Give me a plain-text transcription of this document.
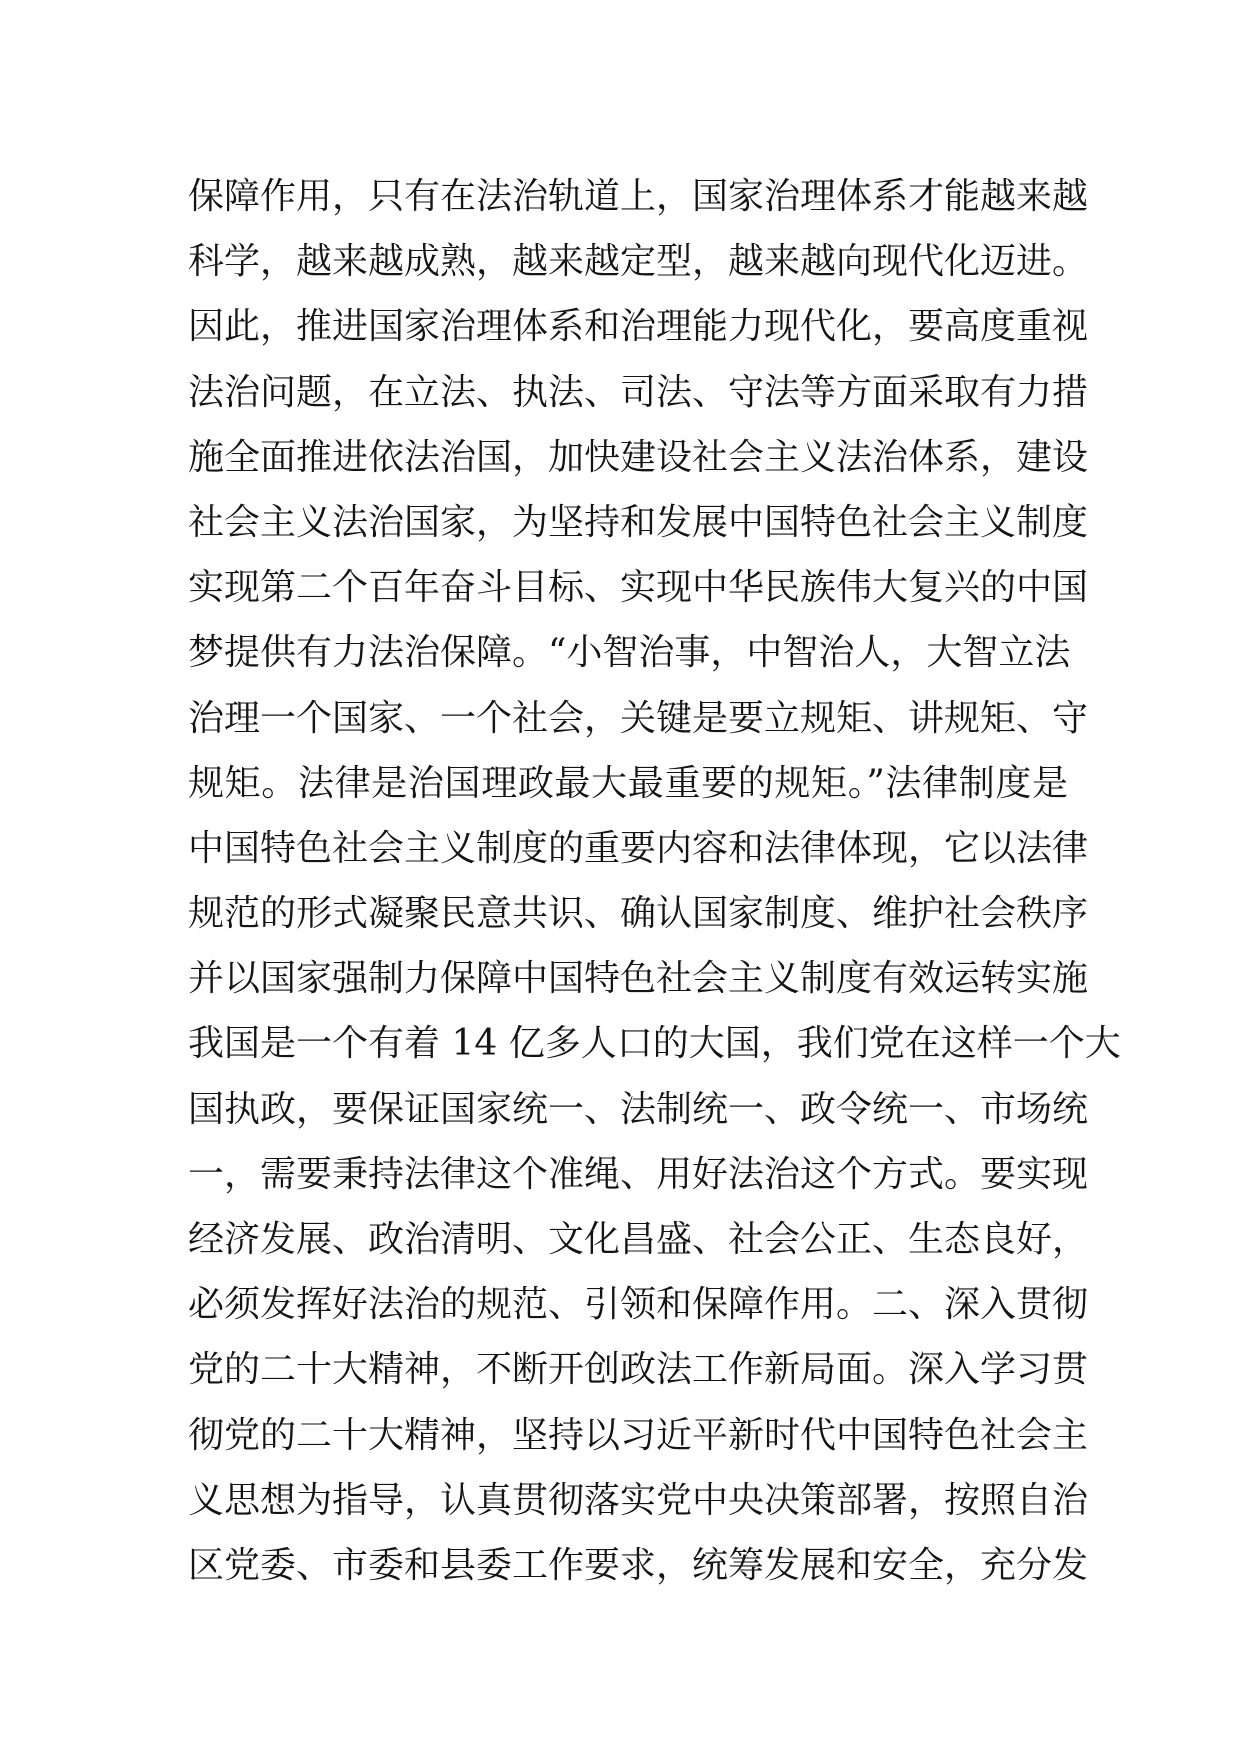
保障作用，只有在法治轨道上，国家治理体系才能越来越
科学，越来越成熟，越来越定型，越来越向现代化迈进。
因此，推进国家治理体系和治理能力现代化，要高度重视
法治问题，在立法、执法、司法、守法等方面采取有力措
施全面推进依法治国，加快建设社会主义法治体系，建设
社会主义法治国家，为坚持和发展中国特色社会主义制度
实现第二个百年奋斗目标、实现中华民族伟大复兴的中国
梦提供有力法治保障。“小智治事，中智治人，大智立法
治理一个国家、一个社会，关键是要立规矩、讲规矩、守
规矩。法律是治国理政最大最重要的规矩。”法律制度是
中国特色社会主义制度的重要内容和法律体现，它以法律
规范的形式凝聚民意共识、确认国家制度、维护社会秩序
并以国家强制力保障中国特色社会主义制度有效运转实施
我国是一个有着 14 亿多人口的大国，我们党在这样一个大
国执政，要保证国家统一、法制统一、政令统一、市场统
一，需要秉持法律这个准绳、用好法治这个方式。要实现
经济发展、政治清明、文化昌盛、社会公正、生态良好，
必须发挥好法治的规范、引领和保障作用。二、深入贯彻
党的二十大精神，不断开创政法工作新局面。深入学习贯
彻党的二十大精神，坚持以习近平新时代中国特色社会主
义思想为指导，认真贯彻落实党中央决策部署，按照自治
区党委、市委和县委工作要求，统筹发展和安全，充分发
